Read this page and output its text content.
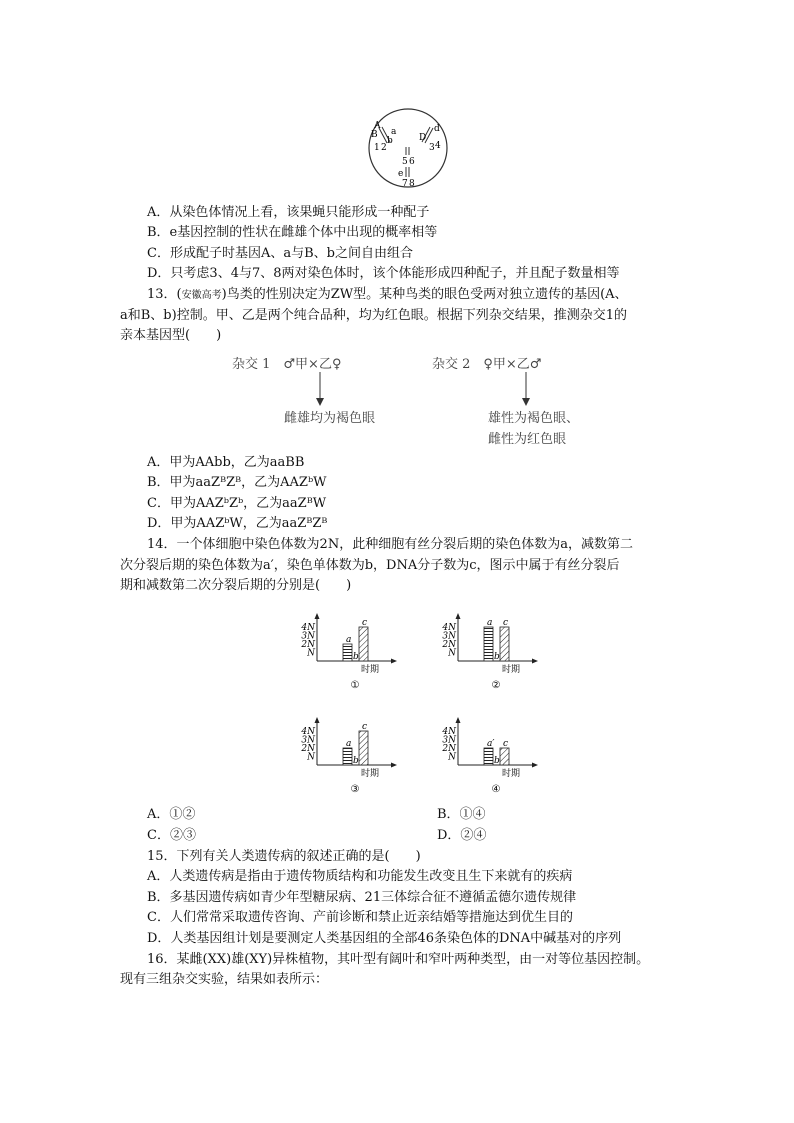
A
B a
b
1 2
D
d
3 4
5 6
e
7 8
A．从染色体情况上看，该果蝇只能形成一种配子
B．e基因控制的性状在雌雄个体中出现的概率相等
C．形成配子时基因A、a与B、b之间自由组合
D．只考虑3、4与7、8两对染色体时，该个体能形成四种配子，并且配子数量相等
13．(安徽高考)鸟类的性别决定为ZW型。某种鸟类的眼色受两对独立遗传的基因(A、
a和B、b)控制。甲、乙是两个纯合品种，均为红色眼。根据下列杂交结果，推测杂交1的
亲本基因型(　　)
杂交 1　♂甲×乙♀
雌雄均为褐色眼
杂交 2　♀甲×乙♂
雄性为褐色眼、
雌性为红色眼
A．甲为AAbb，乙为aaBB
B．甲为aaZᴮZᴮ，乙为AAZᵇW
C．甲为AAZᵇZᵇ，乙为aaZᴮW
D．甲为AAZᵇW，乙为aaZᴮZᴮ
14．一个体细胞中染色体数为2N，此种细胞有丝分裂后期的染色体数为a，减数第二
次分裂后期的染色体数为a′，染色单体数为b，DNA分子数为c，图示中属于有丝分裂后
期和减数第二次分裂后期的分别是(　　)
4N
3N
2N
N
时期
a
b
c
①
4N
3N
2N
N
时期
a
b
c
②
4N
3N
2N
N
时期
a
b
c
③
4N
3N
2N
N
时期
a′
b
c
④
A．①②	B．①④
C．②③	D．②④
15．下列有关人类遗传病的叙述正确的是(　　)
A．人类遗传病是指由于遗传物质结构和功能发生改变且生下来就有的疾病
B．多基因遗传病如青少年型糖尿病、21三体综合征不遵循孟德尔遗传规律
C．人们常常采取遗传咨询、产前诊断和禁止近亲结婚等措施达到优生目的
D．人类基因组计划是要测定人类基因组的全部46条染色体的DNA中碱基对的序列
16．某雌(XX)雄(XY)异株植物，其叶型有阔叶和窄叶两种类型，由一对等位基因控制。
现有三组杂交实验，结果如表所示：
